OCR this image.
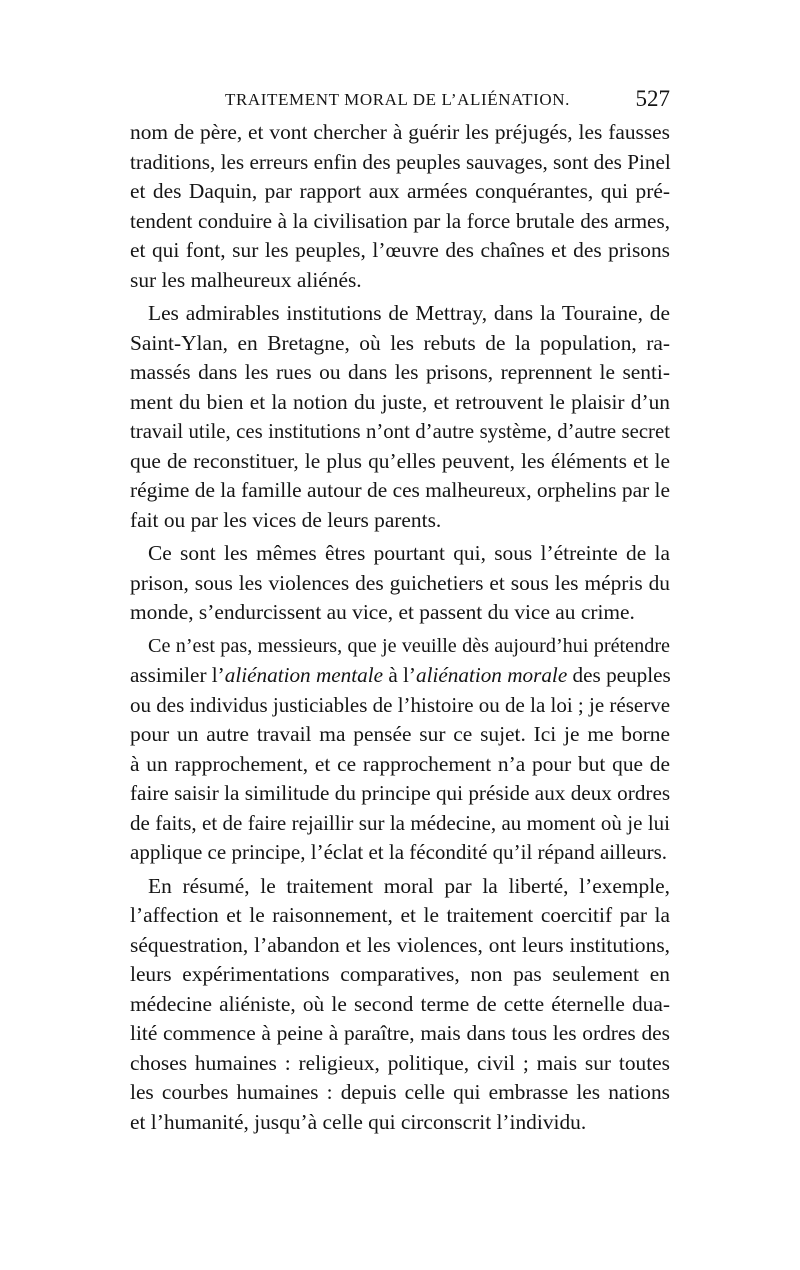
TRAITEMENT MORAL DE L’ALIÉNATION.	527
nom de père, et vont chercher à guérir les préjugés, les fausses
traditions, les erreurs enfin des peuples sauvages, sont des Pinel
et des Daquin, par rapport aux armées conquérantes, qui pré-
tendent conduire à la civilisation par la force brutale des armes,
et qui font, sur les peuples, l’œuvre des chaînes et des prisons
sur les malheureux aliénés.
Les admirables institutions de Mettray, dans la Touraine, de
Saint-Ylan, en Bretagne, où les rebuts de la population, ra-
massés dans les rues ou dans les prisons, reprennent le senti-
ment du bien et la notion du juste, et retrouvent le plaisir d’un
travail utile, ces institutions n’ont d’autre système, d’autre secret
que de reconstituer, le plus qu’elles peuvent, les éléments et le
régime de la famille autour de ces malheureux, orphelins par le
fait ou par les vices de leurs parents.
Ce sont les mêmes êtres pourtant qui, sous l’étreinte de la
prison, sous les violences des guichetiers et sous les mépris du
monde, s’endurcissent au vice, et passent du vice au crime.
Ce n’est pas, messieurs, que je veuille dès aujourd’hui prétendre
assimiler l’aliénation mentale à l’aliénation morale des peuples
ou des individus justiciables de l’histoire ou de la loi ; je réserve
pour un autre travail ma pensée sur ce sujet. Ici je me borne
à un rapprochement, et ce rapprochement n’a pour but que de
faire saisir la similitude du principe qui préside aux deux ordres
de faits, et de faire rejaillir sur la médecine, au moment où je lui
applique ce principe, l’éclat et la fécondité qu’il répand ailleurs.
En résumé, le traitement moral par la liberté, l’exemple,
l’affection et le raisonnement, et le traitement coercitif par la
séquestration, l’abandon et les violences, ont leurs institutions,
leurs expérimentations comparatives, non pas seulement en
médecine aliéniste, où le second terme de cette éternelle dua-
lité commence à peine à paraître, mais dans tous les ordres des
choses humaines : religieux, politique, civil ; mais sur toutes
les courbes humaines : depuis celle qui embrasse les nations
et l’humanité, jusqu’à celle qui circonscrit l’individu.
